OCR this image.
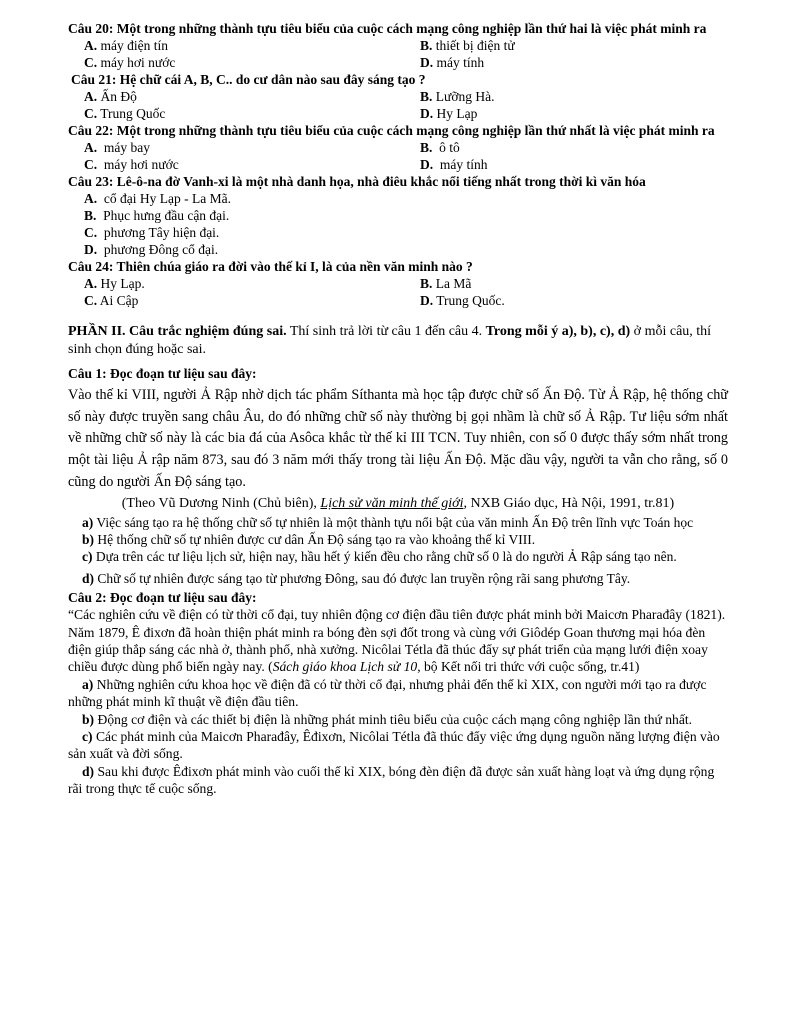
Câu 20: Một trong những thành tựu tiêu biểu của cuộc cách mạng công nghiệp lần thứ hai là việc phát minh ra

A. máy điện tín	B. thiết bị điện tử
C. máy hơi nước	D. máy tính

Câu 21: Hệ chữ cái A, B, C.. do cư dân nào sau đây sáng tạo ?

A. Ấn Độ	B. Lưỡng Hà.
C. Trung Quốc	D. Hy Lạp

Câu 22: Một trong những thành tựu tiêu biểu của cuộc cách mạng công nghiệp lần thứ nhất là việc phát minh ra

A. máy bay	B. ô tô
C. máy hơi nước	D. máy tính

Câu 23: Lê-ô-na đờ Vanh-xi là một nhà danh họa, nhà điêu khắc nổi tiếng nhất trong thời kì văn hóa

A. cổ đại Hy Lạp - La Mã.
B. Phục hưng đầu cận đại.
C. phương Tây hiện đại.
D. phương Đông cổ đại.

Câu 24: Thiên chúa giáo ra đời vào thế kỉ I, là của nền văn minh nào ?

A. Hy Lạp.	B. La Mã
C. Ai Cập	D. Trung Quốc.
PHẦN II. Câu trắc nghiệm đúng sai. Thí sinh trả lời từ câu 1 đến câu 4. Trong mỗi ý a), b), c), d) ở mỗi câu, thí sinh chọn đúng hoặc sai.

Câu 1: Đọc đoạn tư liệu sau đây:

Vào thế kỉ VIII, người Ả Rập nhờ dịch tác phẩm Síthanta mà học tập được chữ số Ấn Độ. Từ Ả Rập, hệ thống chữ số này được truyền sang châu Âu, do đó những chữ số này thường bị gọi nhầm là chữ số Ả Rập. Tư liệu sớm nhất về những chữ số này là các bia đá của Asôca khắc từ thế kỉ III TCN. Tuy nhiên, con số 0 được thấy sớm nhất trong một tài liệu Ả rập năm 873, sau đó 3 năm mới thấy trong tài liệu Ấn Độ. Mặc dầu vậy, người ta vẫn cho rằng, số 0 cũng do người Ấn Độ sáng tạo.

(Theo Vũ Dương Ninh (Chủ biên), Lịch sử văn minh thế giới, NXB Giáo dục, Hà Nội, 1991, tr.81)

a) Việc sáng tạo ra hệ thống chữ số tự nhiên là một thành tựu nổi bật của văn minh Ấn Độ trên lĩnh vực Toán học

b) Hệ thống chữ số tự nhiên được cư dân Ấn Độ sáng tạo ra vào khoảng thế kỉ VIII.

c) Dựa trên các tư liệu lịch sử, hiện nay, hầu hết ý kiến đều cho rằng chữ số 0 là do người Ả Rập sáng tạo nên.

d) Chữ số tự nhiên được sáng tạo từ phương Đông, sau đó được lan truyền rộng rãi sang phương Tây.

Câu 2: Đọc đoạn tư liệu sau đây:

“Các nghiên cứu về điện có từ thời cổ đại, tuy nhiên động cơ điện đầu tiên được phát minh bởi Maicơn Pharađây (1821). Năm 1879, Ê đixơn đã hoàn thiện phát minh ra bóng đèn sợi đốt trong và cùng với Giôdép Goan thương mại hóa đèn điện giúp thắp sáng các nhà ở, thành phố, nhà xưởng. Nicôlai Tétla đã thúc đẩy sự phát triển của mạng lưới điện xoay chiều được dùng phổ biến ngày nay. (Sách giáo khoa Lịch sử 10, bộ Kết nối tri thức với cuộc sống, tr.41)

a) Những nghiên cứu khoa học về điện đã có từ thời cổ đại, nhưng phải đến thế kỉ XIX, con người mới tạo ra được những phát minh kĩ thuật về điện đầu tiên.

b) Động cơ điện và các thiết bị điện là những phát minh tiêu biểu của cuộc cách mạng công nghiệp lần thứ nhất.

c) Các phát minh của Maicơn Pharađây, Êđixơn, Nicôlai Tétla đã thúc đẩy việc ứng dụng nguồn năng lượng điện vào sản xuất và đời sống.

d) Sau khi được Êđixơn phát minh vào cuối thế kỉ XIX, bóng đèn điện đã được sản xuất hàng loạt và ứng dụng rộng rãi trong thực tế cuộc sống.
